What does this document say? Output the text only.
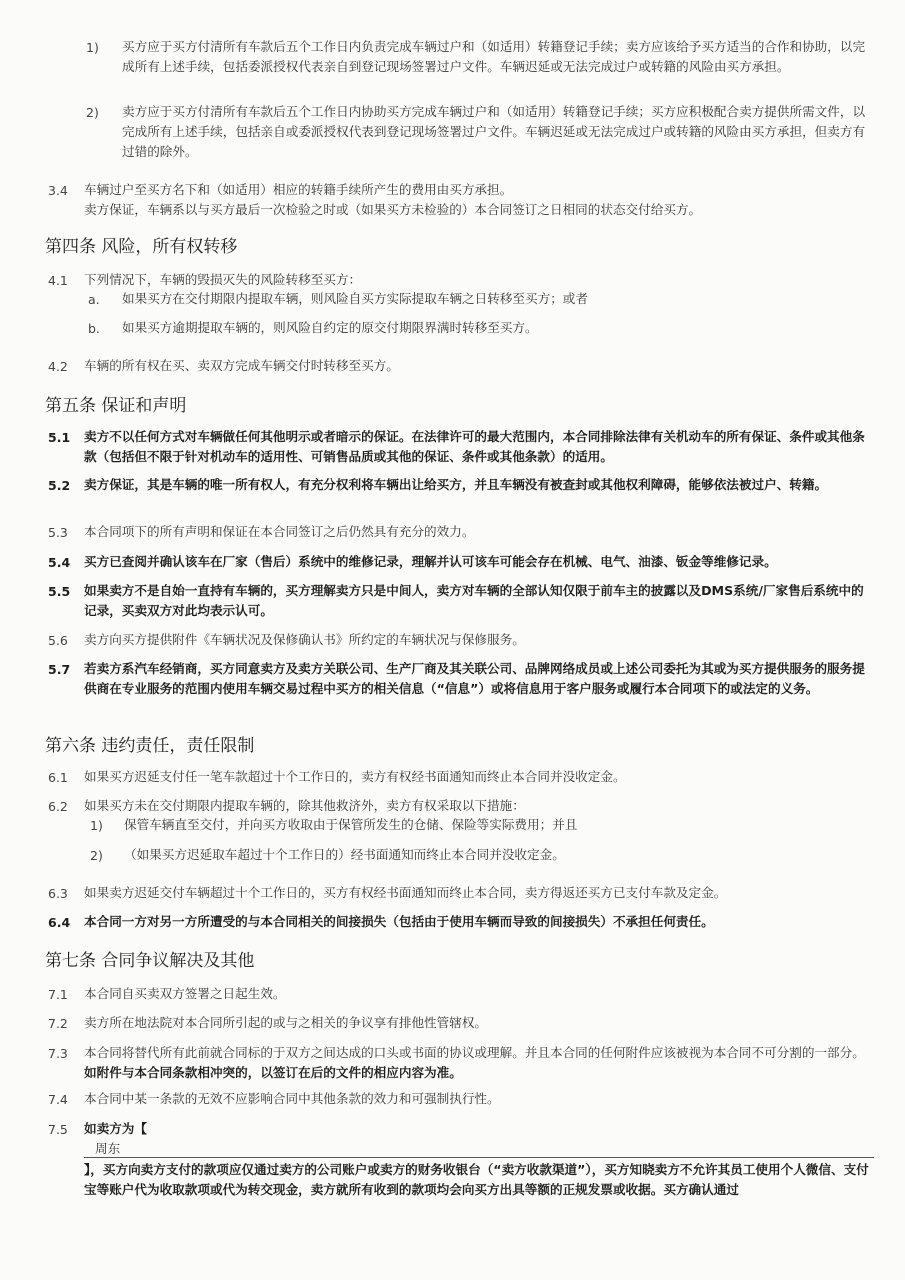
1) 买方应于买方付清所有车款后五个工作日内负责完成车辆过户和（如适用）转籍登记手续；卖方应该给予买方适当的合作和协助，以完成所有上述手续，包括委派授权代表亲自到登记现场签署过户文件。车辆迟延或无法完成过户或转籍的风险由买方承担。
2) 卖方应于买方付清所有车款后五个工作日内协助买方完成车辆过户和（如适用）转籍登记手续；买方应积极配合卖方提供所需文件，以完成所有上述手续，包括亲自或委派授权代表到登记现场签署过户文件。车辆迟延或无法完成过户或转籍的风险由买方承担，但卖方有过错的除外。
3.4 车辆过户至买方名下和（如适用）相应的转籍手续所产生的费用由买方承担。
卖方保证，车辆系以与买方最后一次检验之时或（如果买方未检验的）本合同签订之日相同的状态交付给买方。
第四条 风险，所有权转移
4.1 下列情况下，车辆的毁损灭失的风险转移至买方：
a. 如果买方在交付期限内提取车辆，则风险自买方实际提取车辆之日转移至买方；或者
b. 如果买方逾期提取车辆的，则风险自约定的原交付期限界满时转移至买方。
4.2 车辆的所有权在买、卖双方完成车辆交付时转移至买方。
第五条 保证和声明
5.1 卖方不以任何方式对车辆做任何其他明示或者暗示的保证。在法律许可的最大范围内，本合同排除法律有关机动车的所有保证、条件或其他条款（包括但不限于针对机动车的适用性、可销售品质或其他的保证、条件或其他条款）的适用。
5.2 卖方保证，其是车辆的唯一所有权人，有充分权利将车辆出让给买方，并且车辆没有被查封或其他权利障碍，能够依法被过户、转籍。
5.3 本合同项下的所有声明和保证在本合同签订之后仍然具有充分的效力。
5.4 买方已查阅并确认该车在厂家（售后）系统中的维修记录，理解并认可该车可能会存在机械、电气、油漆、钣金等维修记录。
5.5 如果卖方不是自始一直持有车辆的，买方理解卖方只是中间人，卖方对车辆的全部认知仅限于前车主的披露以及DMS系统/厂家售后系统中的记录，买卖双方对此均表示认可。
5.6 卖方向买方提供附件《车辆状况及保修确认书》所约定的车辆状况与保修服务。
5.7 若卖方系汽车经销商，买方同意卖方及卖方关联公司、生产厂商及其关联公司、品牌网络成员或上述公司委托为其或为买方提供服务的服务提供商在专业服务的范围内使用车辆交易过程中买方的相关信息（“信息”）或将信息用于客户服务或履行本合同项下的或法定的义务。
第六条 违约责任，责任限制
6.1 如果买方迟延支付任一笔车款超过十个工作日的，卖方有权经书面通知而终止本合同并没收定金。
6.2 如果买方未在交付期限内提取车辆的，除其他救济外，卖方有权采取以下措施：
1) 保管车辆直至交付，并向买方收取由于保管所发生的仓储、保险等实际费用；并且
2) （如果买方迟延取车超过十个工作日的）经书面通知而终止本合同并没收定金。
6.3 如果卖方迟延交付车辆超过十个工作日的，买方有权经书面通知而终止本合同，卖方得返还买方已支付车款及定金。
6.4 本合同一方对另一方所遭受的与本合同相关的间接损失（包括由于使用车辆而导致的间接损失）不承担任何责任。
第七条 合同争议解决及其他
7.1 本合同自买卖双方签署之日起生效。
7.2 卖方所在地法院对本合同所引起的或与之相关的争议享有排他性管辖权。
7.3 本合同将替代所有此前就合同标的于双方之间达成的口头或书面的协议或理解。并且本合同的任何附件应该被视为本合同不可分割的一部分。如附件与本合同条款相冲突的，以签订在后的文件的相应内容为准。
7.4 本合同中某一条款的无效不应影响合同中其他条款的效力和可强制执行性。
7.5 如卖方为【
周东
】，买方向卖方支付的款项应仅通过卖方的公司账户或卖方的财务收银台（“卖方收款渠道”），买方知晓卖方不允许其员工使用个人微信、支付宝等账户代为收取款项或代为转交现金，卖方就所有收到的款项均会向买方出具等额的正规发票或收据。买方确认通过
